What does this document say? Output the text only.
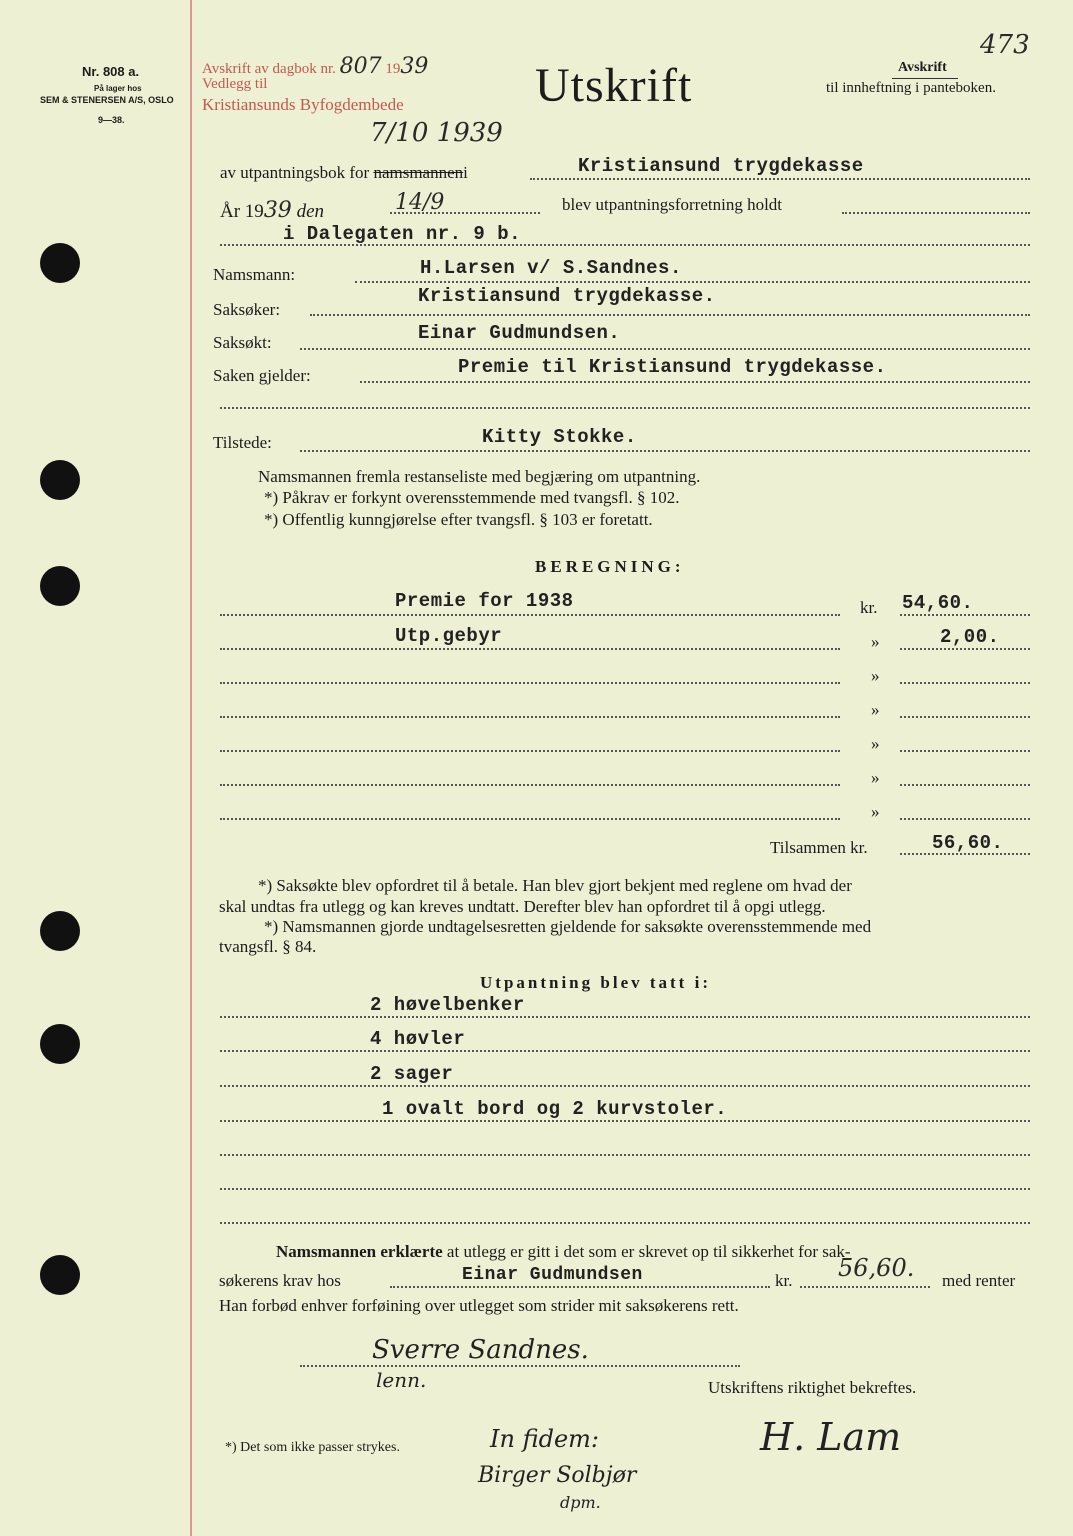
Nr. 808 a.
På lager hos
SEM & STENERSEN A/S, OSLO
9—38.
Avskrift av dagbok nr. 807 1939
Vedlegg til
Kristiansunds Byfogdembede
7/10 1939
Utskrift
473
Avskrift
til innheftning i panteboken.
av utpantningsbok for namsmanneni	Kristiansund trygdekasse
År 1939 den	14/9	blev utpantningsforretning holdt
i Dalegaten nr. 9 b.
Namsmann:	H.Larsen v/ S.Sandnes.
Saksøker:
Kristiansund trygdekasse.
Saksøkt:	Einar Gudmundsen.
Saken gjelder:	Premie til Kristiansund trygdekasse.
Tilstede:	Kitty Stokke.
Namsmannen fremla restanseliste med begjæring om utpantning.
*) Påkrav er forkynt overensstemmende med tvangsfl. § 102.
*) Offentlig kunngjørelse efter tvangsfl. § 103 er foretatt.
BEREGNING:
Premie for 1938	kr. 54,60.
Utp.gebyr	»	2,00.
»
»
»
»
»
Tilsammen kr.	56,60.
*) Saksøkte blev opfordret til å betale. Han blev gjort bekjent med reglene om hvad der
skal undtas fra utlegg og kan kreves undtatt. Derefter blev han opfordret til å opgi utlegg.
*) Namsmannen gjorde undtagelsesretten gjeldende for saksøkte overensstemmende med
tvangsfl. § 84.
Utpantning blev tatt i:
2 høvelbenker
4 høvler
2 sager
1 ovalt bord og 2 kurvstoler.
Namsmannen erklærte at utlegg er gitt i det som er skrevet op til sikkerhet for sak-
søkerens krav hos	Einar Gudmundsen	kr. 56,60. med renter
Han forbød enhver forføining over utlegget som strider mit saksøkerens rett.
Sverre Sandnes.
lenn.	Utskriftens riktighet bekreftes.
In fidem:
Birger Solbjør
dpm.
H. Lam
*) Det som ikke passer strykes.
